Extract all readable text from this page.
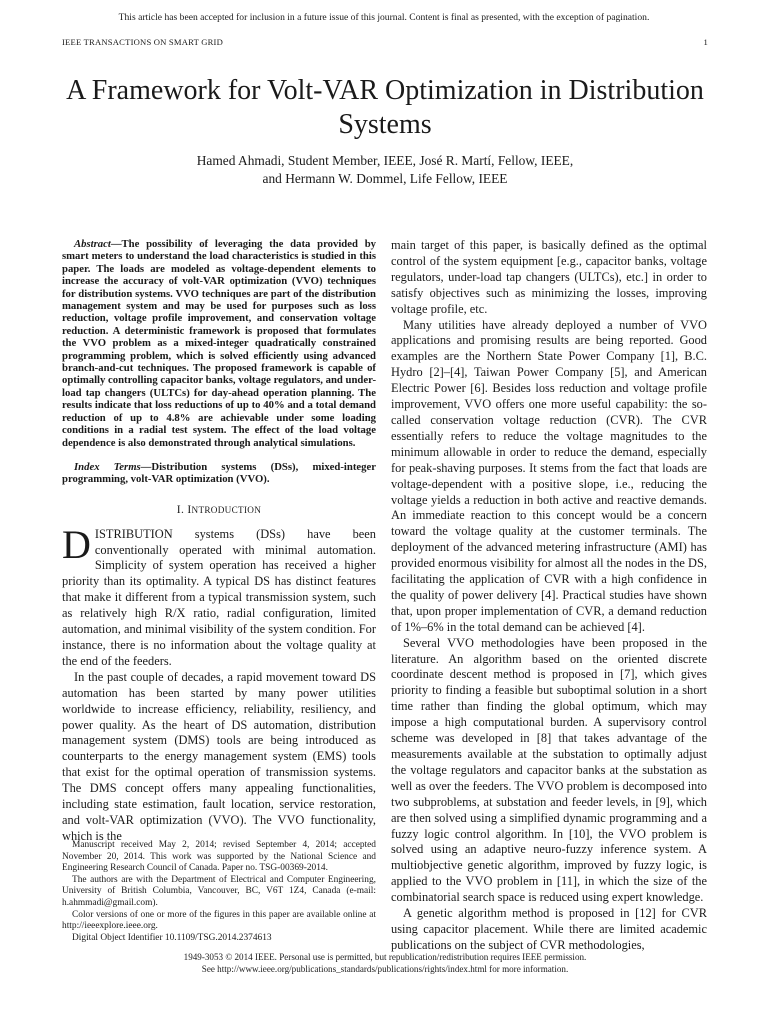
This article has been accepted for inclusion in a future issue of this journal. Content is final as presented, with the exception of pagination.
IEEE TRANSACTIONS ON SMART GRID	1
A Framework for Volt-VAR Optimization in Distribution Systems
Hamed Ahmadi, Student Member, IEEE, José R. Martí, Fellow, IEEE,
and Hermann W. Dommel, Life Fellow, IEEE
Abstract—The possibility of leveraging the data provided by smart meters to understand the load characteristics is studied in this paper. The loads are modeled as voltage-dependent elements to increase the accuracy of volt-VAR optimization (VVO) techniques for distribution systems. VVO techniques are part of the distribution management system and may be used for purposes such as loss reduction, voltage profile improvement, and conservation voltage reduction. A deterministic framework is proposed that formulates the VVO problem as a mixed-integer quadratically constrained programming problem, which is solved efficiently using advanced branch-and-cut techniques. The proposed framework is capable of optimally controlling capacitor banks, voltage regulators, and under-load tap changers (ULTCs) for day-ahead operation planning. The results indicate that loss reductions of up to 40% and a total demand reduction of up to 4.8% are achievable under some loading conditions in a radial test system. The effect of the load voltage dependence is also demonstrated through analytical simulations.
Index Terms—Distribution systems (DSs), mixed-integer programming, volt-VAR optimization (VVO).
I. INTRODUCTION

DISTRIBUTION systems (DSs) have been conventionally operated with minimal automation. Simplicity of system operation has received a higher priority than its optimality. A typical DS has distinct features that make it different from a typical transmission system, such as relatively high R/X ratio, radial configuration, limited automation, and minimal visibility of the system condition. For instance, there is no information about the voltage quality at the end of the feeders.

In the past couple of decades, a rapid movement toward DS automation has been started by many power utilities worldwide to increase efficiency, reliability, resiliency, and power quality. As the heart of DS automation, distribution management system (DMS) tools are being introduced as counterparts to the energy management system (EMS) tools that exist for the optimal operation of transmission systems. The DMS concept offers many appealing functionalities, including state estimation, fault location, service restoration, and volt-VAR optimization (VVO). The VVO functionality, which is the

main target of this paper, is basically defined as the optimal control of the system equipment [e.g., capacitor banks, voltage regulators, under-load tap changers (ULTCs), etc.] in order to satisfy objectives such as minimizing the losses, improving voltage profile, etc.

Many utilities have already deployed a number of VVO applications and promising results are being reported. Good examples are the Northern State Power Company [1], B.C. Hydro [2]–[4], Taiwan Power Company [5], and American Electric Power [6]. Besides loss reduction and voltage profile improvement, VVO offers one more useful capability: the so-called conservation voltage reduction (CVR). The CVR essentially refers to reduce the voltage magnitudes to the minimum allowable in order to reduce the demand, especially for peak-shaving purposes. It stems from the fact that loads are voltage-dependent with a positive slope, i.e., reducing the voltage yields a reduction in both active and reactive demands. An immediate reaction to this concept would be a concern toward the voltage quality at the customer terminals. The deployment of the advanced metering infrastructure (AMI) has provided enormous visibility for almost all the nodes in the DS, facilitating the application of CVR with a high confidence in the quality of power delivery [4]. Practical studies have shown that, upon proper implementation of CVR, a demand reduction of 1%–6% in the total demand can be achieved [4].

Several VVO methodologies have been proposed in the literature. An algorithm based on the oriented discrete coordinate descent method is proposed in [7], which gives priority to finding a feasible but suboptimal solution in a short time rather than finding the global optimum, which may impose a high computational burden. A supervisory control scheme was developed in [8] that takes advantage of the measurements available at the substation to optimally adjust the voltage regulators and capacitor banks at the substation as well as over the feeders. The VVO problem is decomposed into two subproblems, at substation and feeder levels, in [9], which are then solved using a simplified dynamic programming and a fuzzy logic control algorithm. In [10], the VVO problem is solved using an adaptive neuro-fuzzy inference system. A multiobjective genetic algorithm, improved by fuzzy logic, is applied to the VVO problem in [11], in which the size of the combinatorial search space is reduced using expert knowledge.

A genetic algorithm method is proposed in [12] for CVR using capacitor placement. While there are limited academic publications on the subject of CVR methodologies,

Manuscript received May 2, 2014; revised September 4, 2014; accepted November 20, 2014. This work was supported by the National Science and Engineering Research Council of Canada. Paper no. TSG-00369-2014.

The authors are with the Department of Electrical and Computer Engineering, University of British Columbia, Vancouver, BC, V6T 1Z4, Canada (e-mail: h.ahmmadi@gmail.com).

Color versions of one or more of the figures in this paper are available online at http://ieeexplore.ieee.org.

Digital Object Identifier 10.1109/TSG.2014.2374613

1949-3053 © 2014 IEEE. Personal use is permitted, but republication/redistribution requires IEEE permission.
See http://www.ieee.org/publications_standards/publications/rights/index.html for more information.
